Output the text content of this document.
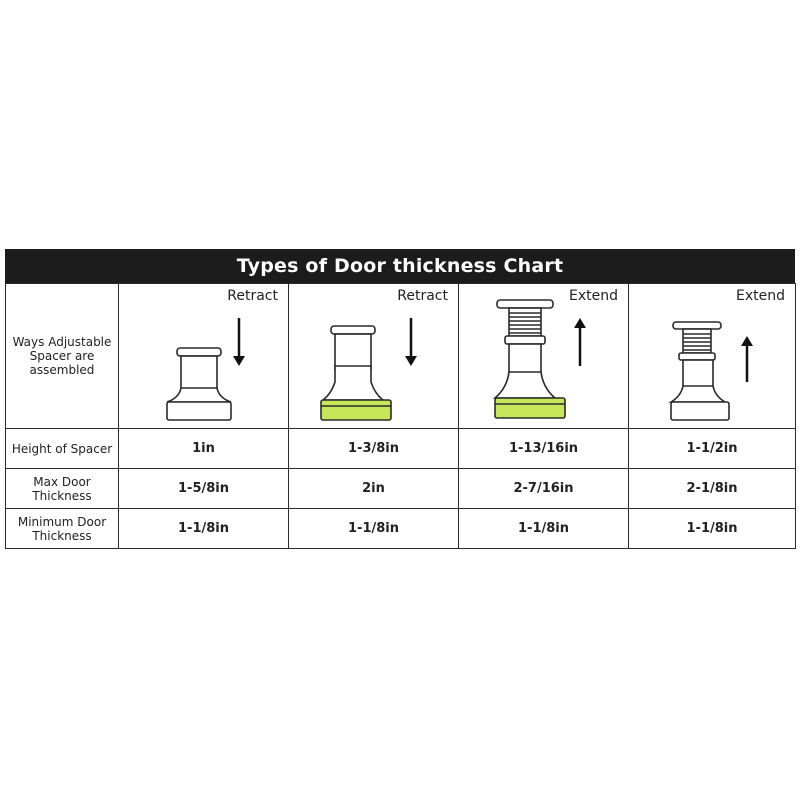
Types of Door thickness Chart
Ways Adjustable Spacer are assembled	Retract	Retract	Extend	Extend

Height of Spacer	1in	1-3/8in	1-13/16in	1-1/2in
Max Door Thickness	1-5/8in	2in	2-7/16in	2-1/8in
Minimum Door Thickness	1-1/8in	1-1/8in	1-1/8in	1-1/8in
